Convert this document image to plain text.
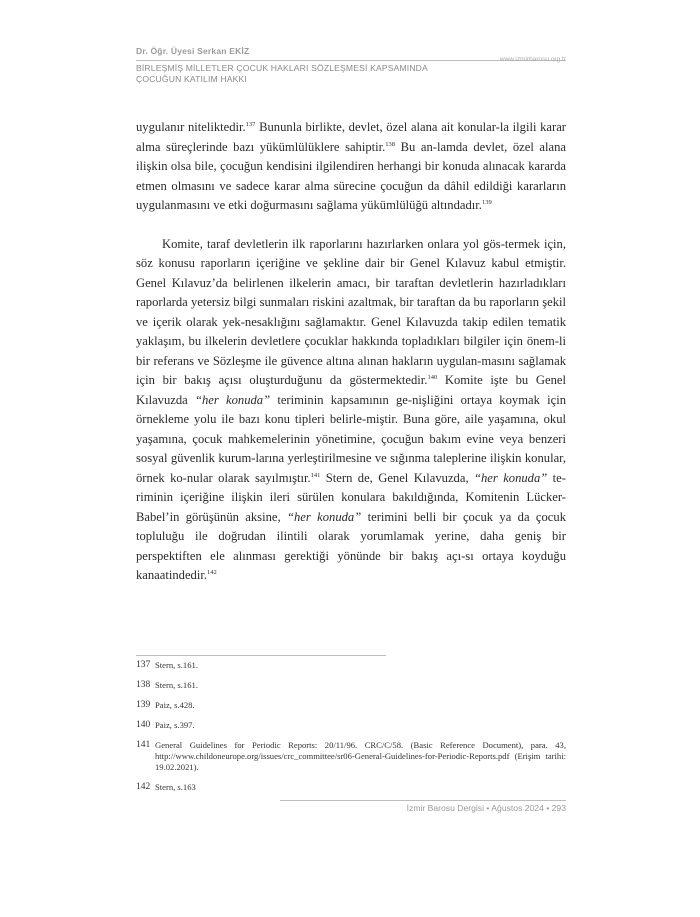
Dr. Öğr. Üyesi Serkan EKİZ
www.izmirbarosu.org.tr
BİRLEŞMİŞ MİLLETLER ÇOCUK HAKLARI SÖZLEŞMESİ KAPSAMINDA
ÇOCUĞUN KATILIM HAKKI

uygulanır niteliktedir.$^{137}$ Bununla birlikte, devlet, özel alana ait konular-la ilgili karar alma süreçlerinde bazı yükümlülüklere sahiptir.$^{138}$ Bu an-lamda devlet, özel alana ilişkin olsa bile, çocuğun kendisini ilgilendiren herhangi bir konuda alınacak kararda etmen olmasını ve sadece karar alma sürecine çocuğun da dâhil edildiği kararların uygulanmasını ve etki doğurmasını sağlama yükümlülüğü altındadır.$^{139}$

Komite, taraf devletlerin ilk raporlarını hazırlarken onlara yol gös-termek için, söz konusu raporların içeriğine ve şekline dair bir Genel Kılavuz kabul etmiştir. Genel Kılavuz’da belirlenen ilkelerin amacı, bir taraftan devletlerin hazırladıkları raporlarda yetersiz bilgi sunmaları riskini azaltmak, bir taraftan da bu raporların şekil ve içerik olarak yek-nesaklığını sağlamaktır. Genel Kılavuzda takip edilen tematik yaklaşım, bu ilkelerin devletlere çocuklar hakkında topladıkları bilgiler için önem-li bir referans ve Sözleşme ile güvence altına alınan hakların uygulan-masını sağlamak için bir bakış açısı oluşturduğunu da göstermektedir.$^{140}$ Komite işte bu Genel Kılavuzda “her konuda” teriminin kapsamının ge-nişliğini ortaya koymak için örnekleme yolu ile bazı konu tipleri belirle-miştir. Buna göre, aile yaşamına, okul yaşamına, çocuk mahkemelerinin yönetimine, çocuğun bakım evine veya benzeri sosyal güvenlik kurum-larına yerleştirilmesine ve sığınma taleplerine ilişkin konular, örnek ko-nular olarak sayılmıştır.$^{141}$ Stern de, Genel Kılavuzda, “her konuda” te-riminin içeriğine ilişkin ileri sürülen konulara bakıldığında, Komitenin Lücker-Babel’in görüşünün aksine, “her konuda” terimini belli bir çocuk ya da çocuk topluluğu ile doğrudan ilintili olarak yorumlamak yerine, daha geniş bir perspektiften ele alınması gerektiği yönünde bir bakış açı-sı ortaya koyduğu kanaatindedir.$^{142}$

137 Stern, s.161.
138 Stern, s.161.
139 Paiz, s.428.
140 Paiz, s.397.
141 General Guidelines for Periodic Reports: 20/11/96. CRC/C/58. (Basic Reference Document), para. 43, http://www.childoneurope.org/issues/crc_committee/sr06-General-Guidelines-for-Periodic-Reports.pdf (Erişim tarihi: 19.02.2021).
142 Stern, s.163
İzmir Barosu Dergisi • Ağustos 2024 • 293
